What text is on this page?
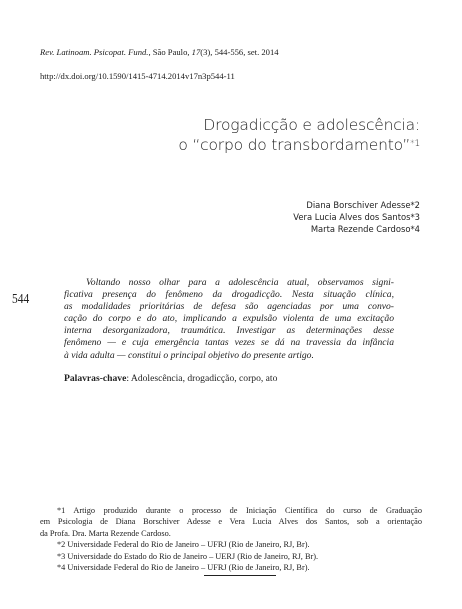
Rev. Latinoam. Psicopat. Fund., São Paulo, 17(3), 544-556, set. 2014
http://dx.doi.org/10.1590/1415-4714.2014v17n3p544-11
Drogadicção e adolescência:
o “corpo do transbordamento”$^{*1}$
Diana Borschiver Adesse*2
Vera Lucia Alves dos Santos*3
Marta Rezende Cardoso*4
544
Voltando nosso olhar para a adolescência atual, observamos signi-
ficativa presença do fenômeno da drogadicção. Nesta situação clínica,
as modalidades prioritárias de defesa são agenciadas por uma convo-
cação do corpo e do ato, implicando a expulsão violenta de uma excitação
interna desorganizadora, traumática. Investigar as determinações desse
fenômeno — e cuja emergência tantas vezes se dá na travessia da infância
à vida adulta — constitui o principal objetivo do presente artigo.
Palavras-chave: Adolescência, drogadicção, corpo, ato
*1 Artigo produzido durante o processo de Iniciação Científica do curso de Graduação
em Psicologia de Diana Borschiver Adesse e Vera Lucia Alves dos Santos, sob a orientação
da Profa. Dra. Marta Rezende Cardoso.
*2 Universidade Federal do Rio de Janeiro – UFRJ (Rio de Janeiro, RJ, Br).
*3 Universidade do Estado do Rio de Janeiro – UERJ (Rio de Janeiro, RJ, Br).
*4 Universidade Federal do Rio de Janeiro – UFRJ (Rio de Janeiro, RJ, Br).
